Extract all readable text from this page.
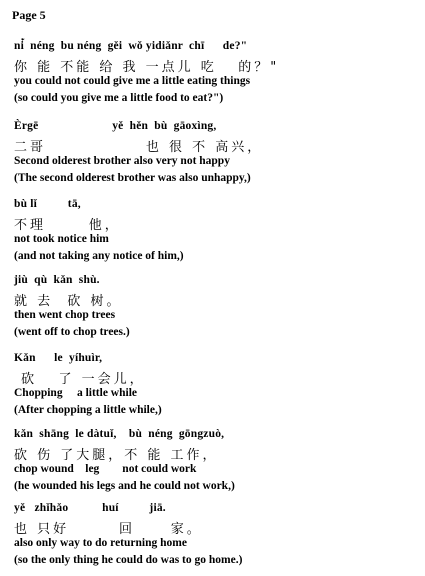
Page 5
ni̇́  néng  bu néng  gěi  wǒ yidiǎnr  chī      de?"
你 能 不能 给 我 一点儿 吃   的？"
you could not could give me a little eating things
(so could you give me a little food to eat?")
Èrgē                        yě  hěn  bù  gāoxìng,
二哥              也 很 不 高兴，
Second olderest brother also very not happy
(The second olderest brother was also unhappy,)
bù lǐ          tā,
不理      他，
not took notice him
(and not taking any notice of him,)
jiù  qù  kǎn  shù.
就 去  砍 树。
then went chop trees
(went off to chop trees.)
Kǎn      le  yíhuìr,
砍   了 一会儿，
Chopping     a little while
(After chopping a little while,)
kǎn  shāng  le dàtuǐ,    bù  néng  gōngzuò,
砍 伤 了大腿，不 能 工作，
chop wound    leg        not could work
(he wounded his legs and he could not work,)
yě   zhǐhǎo           huí          jiā.
也 只好       回     家。
also only way to do returning home
(so the only thing he could do was to go home.)
